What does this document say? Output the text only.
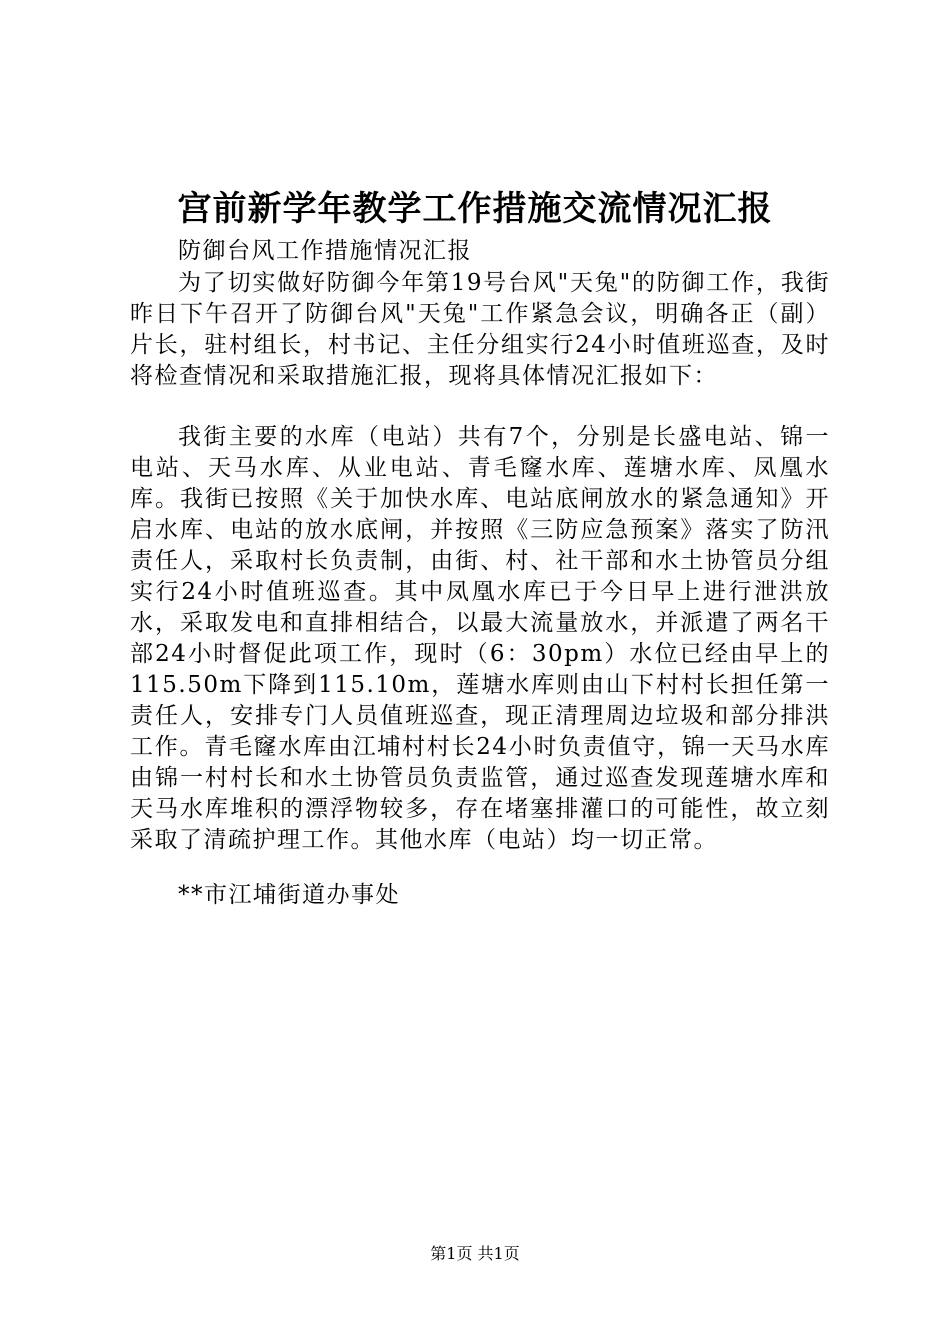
宫前新学年教学工作措施交流情况汇报
防御台风工作措施情况汇报
为了切实做好防御今年第19号台风"天兔"的防御工作，我街昨日下午召开了防御台风"天兔"工作紧急会议，明确各正（副）片长，驻村组长，村书记、主任分组实行24小时值班巡查，及时将检查情况和采取措施汇报，现将具体情况汇报如下：
我街主要的水库（电站）共有7个，分别是长盛电站、锦一电站、天马水库、从业电站、青毛窿水库、莲塘水库、凤凰水库。我街已按照《关于加快水库、电站底闸放水的紧急通知》开启水库、电站的放水底闸，并按照《三防应急预案》落实了防汛责任人，采取村长负责制，由街、村、社干部和水土协管员分组实行24小时值班巡查。其中凤凰水库已于今日早上进行泄洪放水，采取发电和直排相结合，以最大流量放水，并派遣了两名干部24小时督促此项工作，现时（6：30pm）水位已经由早上的115.50m下降到115.10m，莲塘水库则由山下村村长担任第一责任人，安排专门人员值班巡查，现正清理周边垃圾和部分排洪工作。青毛窿水库由江埔村村长24小时负责值守，锦一天马水库由锦一村村长和水土协管员负责监管，通过巡查发现莲塘水库和天马水库堆积的漂浮物较多，存在堵塞排灌口的可能性，故立刻采取了清疏护理工作。其他水库（电站）均一切正常。
**市江埔街道办事处
第1页 共1页
